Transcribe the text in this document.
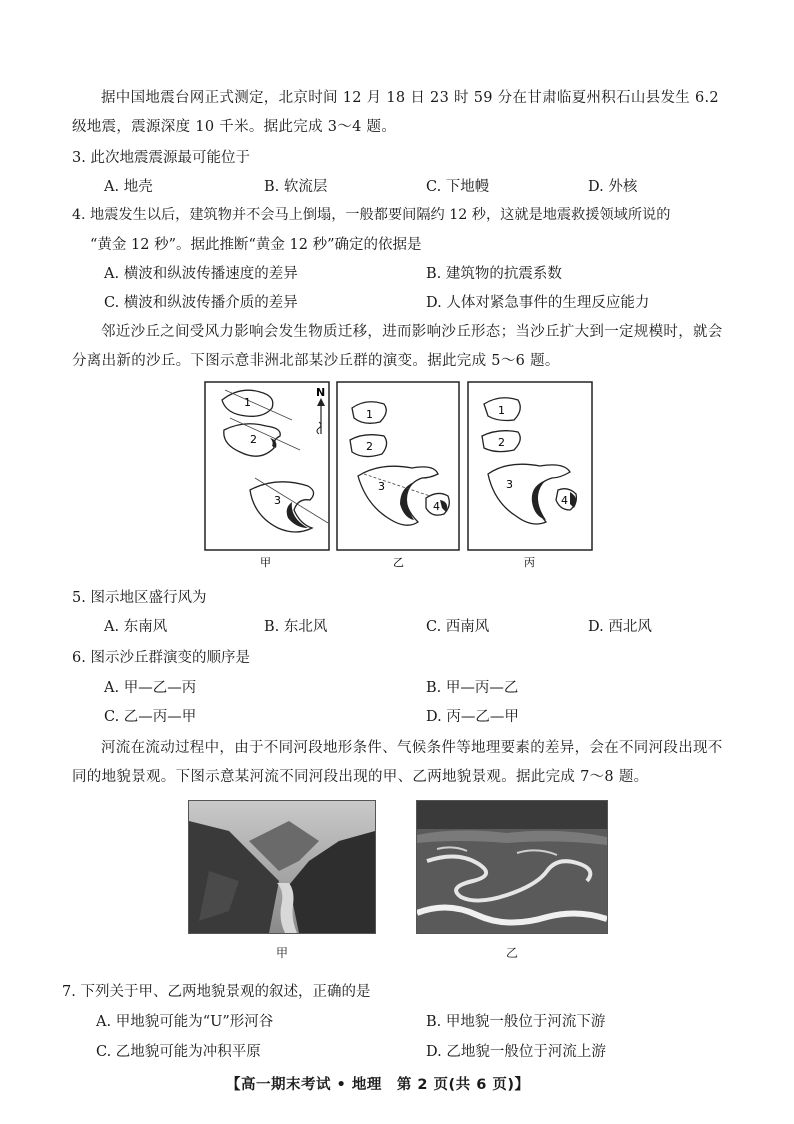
据中国地震台网正式测定，北京时间 12 月 18 日 23 时 59 分在甘肃临夏州积石山县发生 6.2 级地震，震源深度 10 千米。据此完成 3～4 题。
3. 此次地震震源最可能位于
A. 地壳	B. 软流层	C. 下地幔	D. 外核
4. 地震发生以后，建筑物并不会马上倒塌，一般都要间隔约 12 秒，这就是地震救援领域所说的
“黄金 12 秒”。据此推断“黄金 12 秒”确定的依据是
A. 横波和纵波传播速度的差异	B. 建筑物的抗震系数
C. 横波和纵波传播介质的差异	D. 人体对紧急事件的生理反应能力
邻近沙丘之间受风力影响会发生物质迁移，进而影响沙丘形态；当沙丘扩大到一定规模时，就会分离出新的沙丘。下图示意非洲北部某沙丘群的演变。据此完成 5～6 题。
1
2
3
N
1
2
3
4
1
2
3
4
甲	乙	丙
5. 图示地区盛行风为
A. 东南风	B. 东北风	C. 西南风	D. 西北风
6. 图示沙丘群演变的顺序是
A. 甲—乙—丙	B. 甲—丙—乙
C. 乙—丙—甲	D. 丙—乙—甲
河流在流动过程中，由于不同河段地形条件、气候条件等地理要素的差异，会在不同河段出现不同的地貌景观。下图示意某河流不同河段出现的甲、乙两地貌景观。据此完成 7～8 题。
甲	乙
7. 下列关于甲、乙两地貌景观的叙述，正确的是
A. 甲地貌可能为“U”形河谷	B. 甲地貌一般位于河流下游
C. 乙地貌可能为冲积平原	D. 乙地貌一般位于河流上游
【高一期末考试 • 地理　第 2 页(共 6 页)】
